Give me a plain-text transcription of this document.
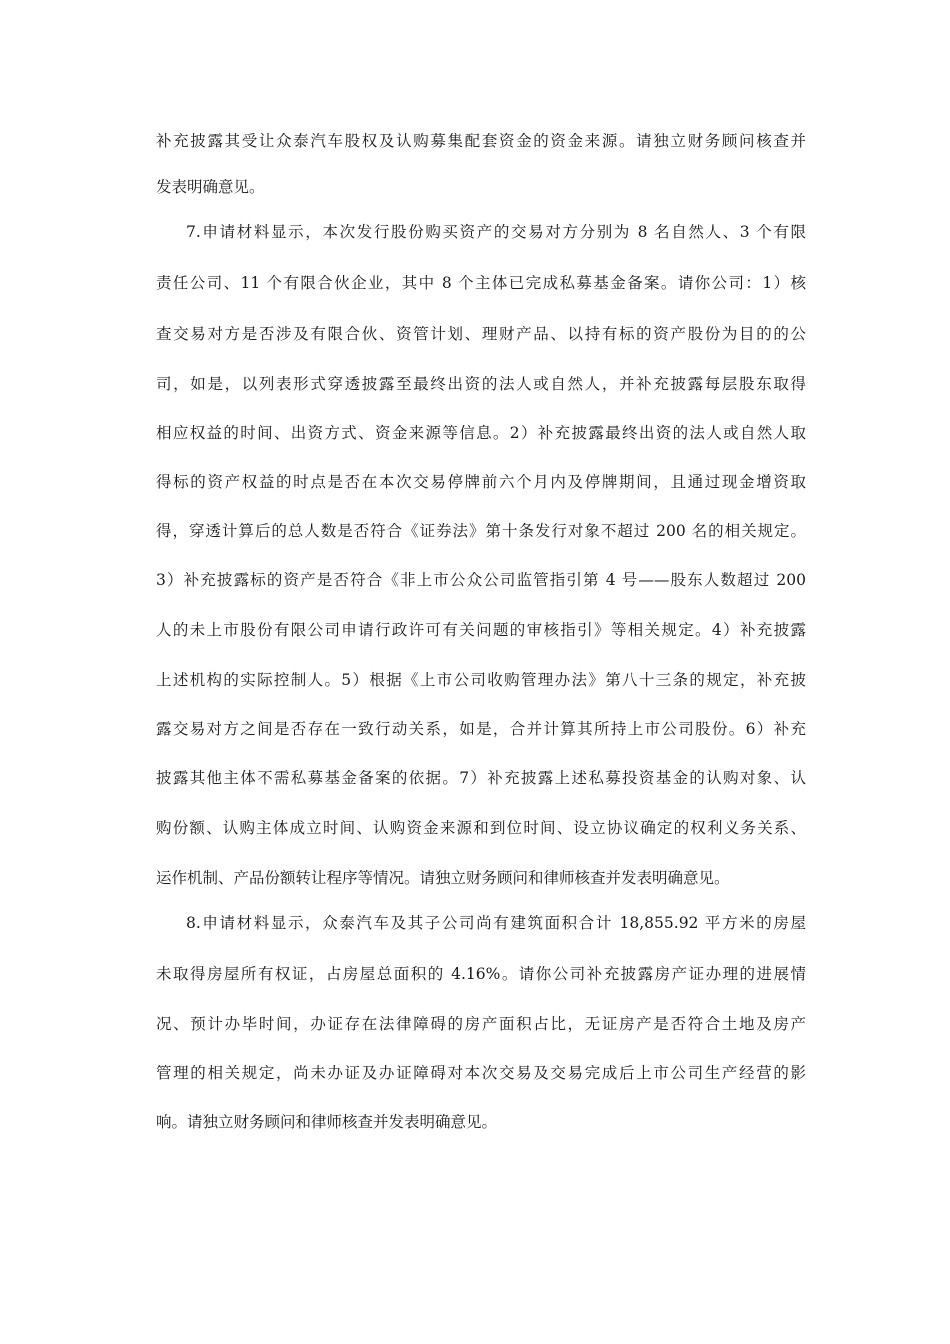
补充披露其受让众泰汽车股权及认购募集配套资金的资金来源。请独立财务顾问核查并
发表明确意见。
7.申请材料显示，本次发行股份购买资产的交易对方分别为 8 名自然人、3 个有限
责任公司、11 个有限合伙企业，其中 8 个主体已完成私募基金备案。请你公司：1）核
查交易对方是否涉及有限合伙、资管计划、理财产品、以持有标的资产股份为目的的公
司，如是，以列表形式穿透披露至最终出资的法人或自然人，并补充披露每层股东取得
相应权益的时间、出资方式、资金来源等信息。2）补充披露最终出资的法人或自然人取
得标的资产权益的时点是否在本次交易停牌前六个月内及停牌期间，且通过现金增资取
得，穿透计算后的总人数是否符合《证券法》第十条发行对象不超过 200 名的相关规定。
3）补充披露标的资产是否符合《非上市公众公司监管指引第 4 号——股东人数超过 200
人的未上市股份有限公司申请行政许可有关问题的审核指引》等相关规定。4）补充披露
上述机构的实际控制人。5）根据《上市公司收购管理办法》第八十三条的规定，补充披
露交易对方之间是否存在一致行动关系，如是，合并计算其所持上市公司股份。6）补充
披露其他主体不需私募基金备案的依据。7）补充披露上述私募投资基金的认购对象、认
购份额、认购主体成立时间、认购资金来源和到位时间、设立协议确定的权利义务关系、
运作机制、产品份额转让程序等情况。请独立财务顾问和律师核查并发表明确意见。
8.申请材料显示，众泰汽车及其子公司尚有建筑面积合计 18,855.92 平方米的房屋
未取得房屋所有权证，占房屋总面积的 4.16%。请你公司补充披露房产证办理的进展情
况、预计办毕时间，办证存在法律障碍的房产面积占比，无证房产是否符合土地及房产
管理的相关规定，尚未办证及办证障碍对本次交易及交易完成后上市公司生产经营的影
响。请独立财务顾问和律师核查并发表明确意见。
